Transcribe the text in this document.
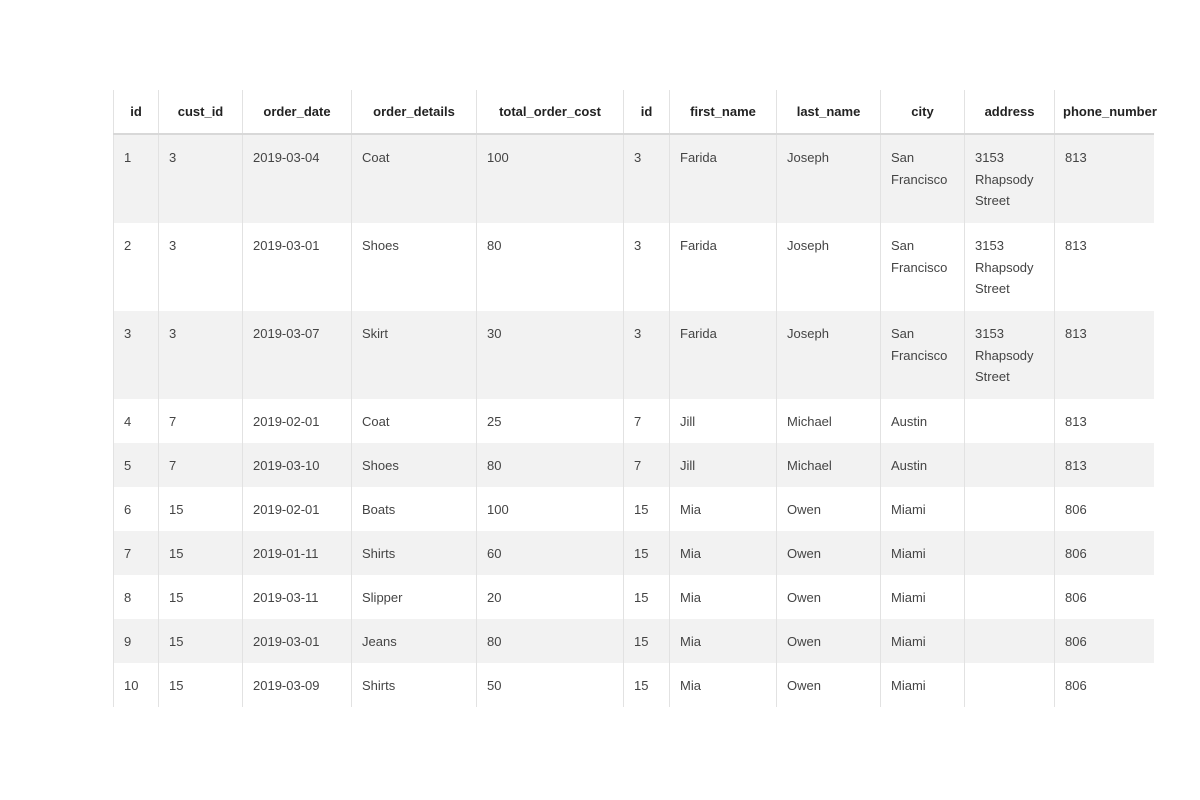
id	cust_id	order_date	order_details	total_order_cost	id	first_name	last_name	city	address	phone_number
1	3	2019-03-04	Coat	100	3	Farida	Joseph	San Francisco	3153 Rhapsody Street	813
2	3	2019-03-01	Shoes	80	3	Farida	Joseph	San Francisco	3153 Rhapsody Street	813
3	3	2019-03-07	Skirt	30	3	Farida	Joseph	San Francisco	3153 Rhapsody Street	813
4	7	2019-02-01	Coat	25	7	Jill	Michael	Austin		813
5	7	2019-03-10	Shoes	80	7	Jill	Michael	Austin		813
6	15	2019-02-01	Boats	100	15	Mia	Owen	Miami		806
7	15	2019-01-11	Shirts	60	15	Mia	Owen	Miami		806
8	15	2019-03-11	Slipper	20	15	Mia	Owen	Miami		806
9	15	2019-03-01	Jeans	80	15	Mia	Owen	Miami		806
10	15	2019-03-09	Shirts	50	15	Mia	Owen	Miami		806
